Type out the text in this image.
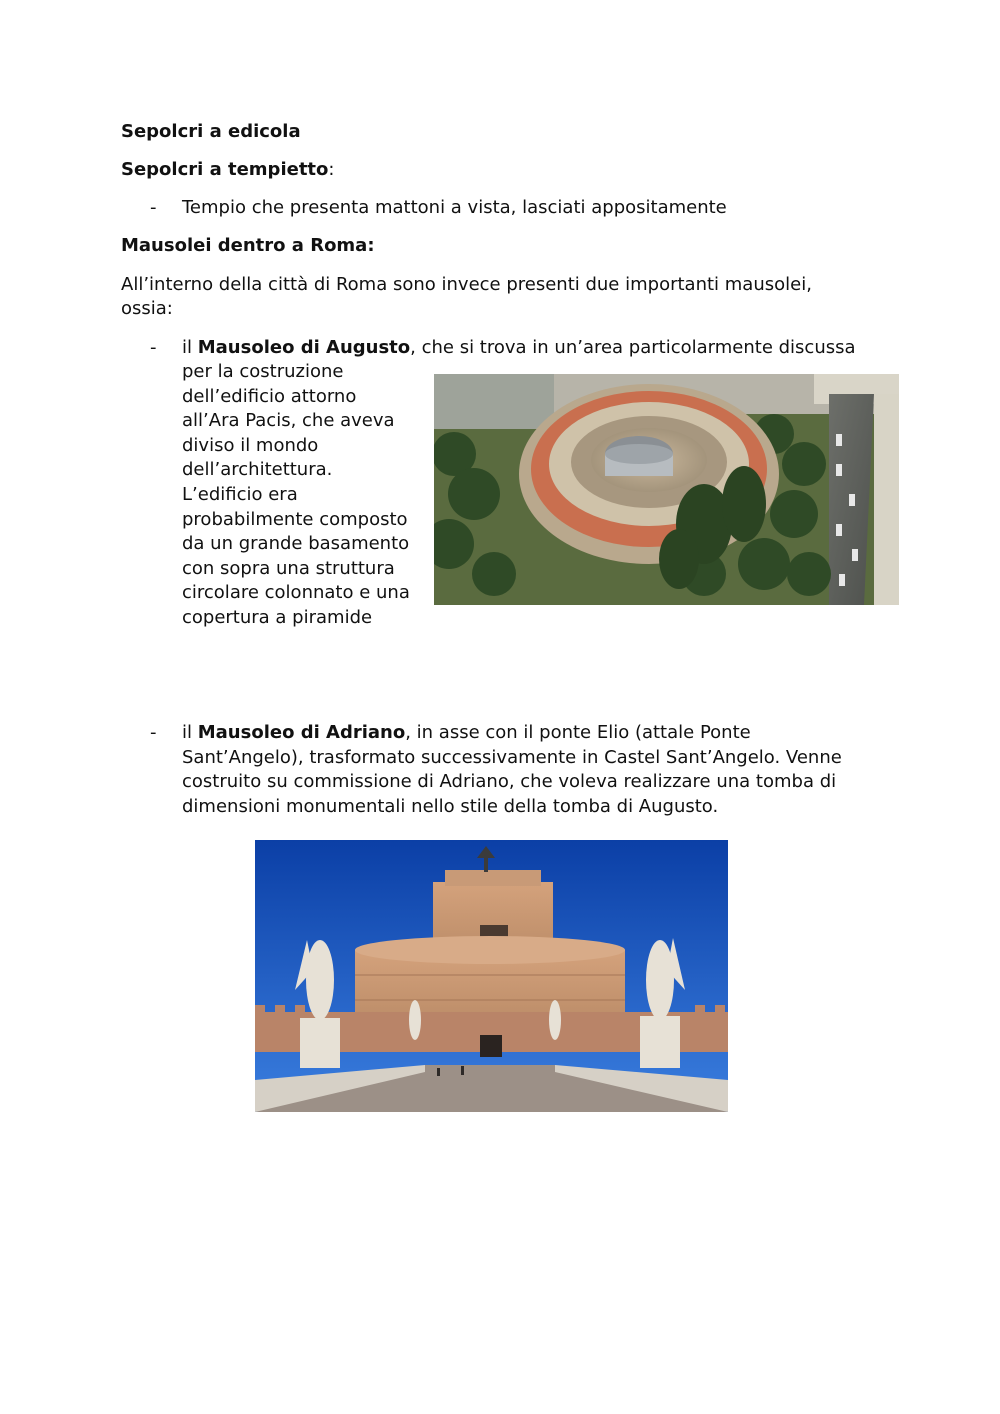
Sepolcri a edicola
Sepolcri a tempietto:
- Tempio che presenta mattoni a vista, lasciati appositamente
Mausolei dentro a Roma:
All’interno della città di Roma sono invece presenti due importanti mausolei,
ossia:
- il Mausoleo di Augusto, che si trova in un’area particolarmente discussa
per la costruzione
dell’edificio attorno
all’Ara Pacis, che aveva
diviso il mondo
dell’architettura.
L’edificio era
probabilmente composto
da un grande basamento
con sopra una struttura
circolare colonnato e una
copertura a piramide
- il Mausoleo di Adriano, in asse con il ponte Elio (attale Ponte
Sant’Angelo), trasformato successivamente in Castel Sant’Angelo. Venne
costruito su commissione di Adriano, che voleva realizzare una tomba di
dimensioni monumentali nello stile della tomba di Augusto.
